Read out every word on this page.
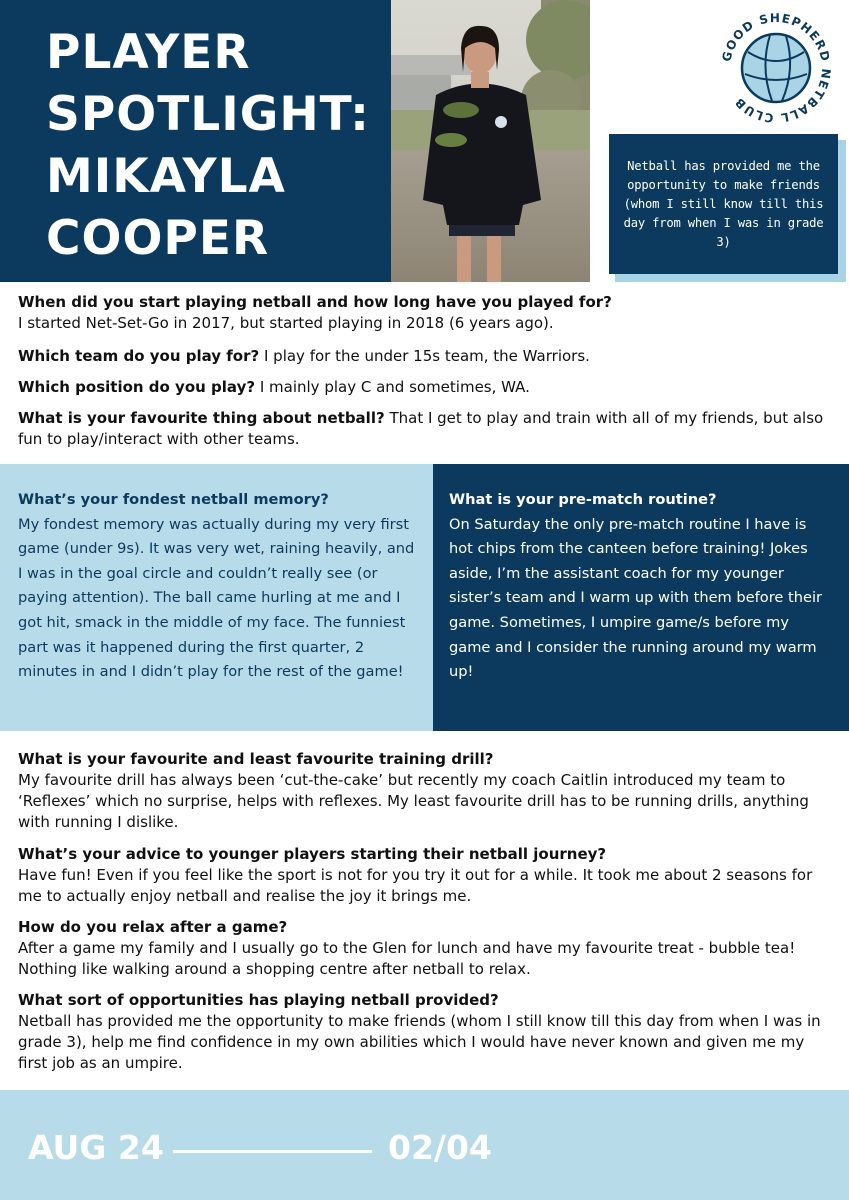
PLAYER
SPOTLIGHT:
MIKAYLA
COOPER
GOOD SHEPHERD NETBALL CLUB

Netball has provided me the opportunity to make friends (whom I still know till this day from when I was in grade 3)

When did you start playing netball and how long have you played for?
I started Net-Set-Go in 2017, but started playing in 2018 (6 years ago).
Which team do you play for? I play for the under 15s team, the Warriors.
Which position do you play? I mainly play C and sometimes, WA.
What is your favourite thing about netball? That I get to play and train with all of my friends, but also fun to play/interact with other teams.
What’s your fondest netball memory?
My fondest memory was actually during my very first game (under 9s). It was very wet, raining heavily, and I was in the goal circle and couldn’t really see (or paying attention). The ball came hurling at me and I got hit, smack in the middle of my face. The funniest part was it happened during the first quarter, 2 minutes in and I didn’t play for the rest of the game!
What is your pre-match routine?
On Saturday the only pre-match routine I have is hot chips from the canteen before training! Jokes aside, I’m the assistant coach for my younger sister’s team and I warm up with them before their game. Sometimes, I umpire game/s before my game and I consider the running around my warm up!
What is your favourite and least favourite training drill?
My favourite drill has always been ‘cut-the-cake’ but recently my coach Caitlin introduced my team to ‘Reflexes’ which no surprise, helps with reflexes. My least favourite drill has to be running drills, anything with running I dislike.
What’s your advice to younger players starting their netball journey?
Have fun! Even if you feel like the sport is not for you try it out for a while. It took me about 2 seasons for me to actually enjoy netball and realise the joy it brings me.
How do you relax after a game?
After a game my family and I usually go to the Glen for lunch and have my favourite treat - bubble tea! Nothing like walking around a shopping centre after netball to relax.
What sort of opportunities has playing netball provided?
Netball has provided me the opportunity to make friends (whom I still know till this day from when I was in grade 3), help me find confidence in my own abilities which I would have never known and given me my first job as an umpire.
AUG 24	02/04
